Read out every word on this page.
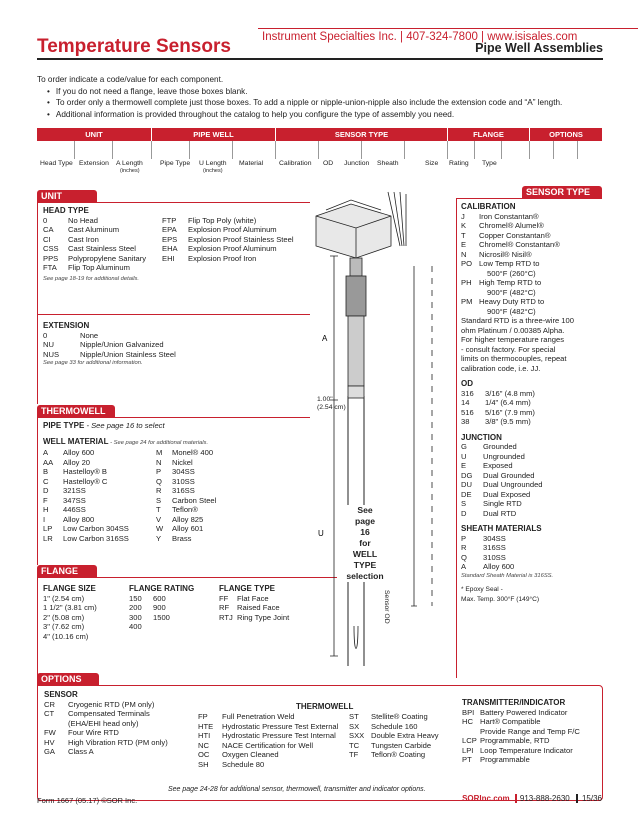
Instrument Specialties Inc. | 407-324-7800 | www.isisales.com
Temperature Sensors	Pipe Well Assemblies
To order indicate a code/value for each component.
• If you do not need a flange, leave those boxes blank.
• To order only a thermowell complete just those boxes. To add a nipple or nipple-union-nipple also include the extension code and “A” length.
• Additional information is provided throughout the catalog to help you configure the type of assembly you need.
UNIT	PIPE WELL	SENSOR TYPE	FLANGE	OPTIONS
Head Type Extension A Length
(inches)
Pipe Type U Length
(inches)
Material Calibration OD Junction Sheath	Size Rating Type
UNIT
HEAD TYPE
0	No Head
CA Cast Aluminum
CI Cast Iron
CSS Cast Stainless Steel
PPS Polypropylene Sanitary
FTA Flip Top Aluminum
FTP Flip Top Poly (white)
EPA Explosion Proof Aluminum
EPS Explosion Proof Stainless Steel
EHA Explosion Proof Aluminum
EHI Explosion Proof Iron
See page 18-19 for additional details.
EXTENSION
0	None
NU	Nipple/Union Galvanized
NUS	Nipple/Union Stainless Steel
See page 33 for additional information.
THERMOWELL
PIPE TYPE - See page 16 to select
WELL MATERIAL - See page 24 for additional materials.
A Alloy 600
AA Alloy 20
B Hastelloy® B
C Hastelloy® C
D 321SS
F 347SS
H 446SS
I Alloy 800
LP Low Carbon 304SS
LR Low Carbon 316SS
M Monel® 400
N Nickel
P 304SS
Q 310SS
R 316SS
S Carbon Steel
T Teflon®
V Alloy 825
W Alloy 601
Y Brass
FLANGE
FLANGE SIZE
1" (2.54 cm)
1 1/2" (3.81 cm)
2" (5.08 cm)
3" (7.62 cm)
4" (10.16 cm)
FLANGE RATING
150 600
200 900
300 1500
400
FLANGE TYPE
FF Flat Face
RF Raised Face
RTJ Ring Type Joint
A
U
1.00"
(2.54 cm)
See
page
16
for
WELL
TYPE
selection
Sensor OD
SENSOR TYPE
CALIBRATION
J Iron Constantan®
K Chromel® Alumel®
T Copper Constantan®
E Chromel® Constantan®
N Nicrosil® Nisil®
PO Low Temp RTD to
500°F (260°C)
PH High Temp RTD to
900°F (482°C)
PM Heavy Duty RTD to
900°F (482°C)
Standard RTD is a three-wire 100
ohm Platinum / 0.00385 Alpha.
For higher temperature ranges
- consult factory. For special
limits on thermocouples, repeat
calibration code, i.e. JJ.
OD
316 3/16" (4.8 mm)
14 1/4" (6.4 mm)
516 5/16" (7.9 mm)
38 3/8" (9.5 mm)
JUNCTION
G Grounded
U Ungrounded
E Exposed
DG Dual Grounded
DU Dual Ungrounded
DE Dual Exposed
S Single RTD
D Dual RTD
SHEATH MATERIALS
P 304SS
R 316SS
Q 310SS
A Alloy 600
Standard Sheath Material is 316SS.
* Epoxy Seal -
Max. Temp. 300°F (149°C)
OPTIONS
SENSOR
CR Cryogenic RTD (PM only)
CT Compensated Terminals
(EHA/EHI head only)
FW Four Wire RTD
HV High Vibration RTD (PM only)
GA Class A
THERMOWELL
FP Full Penetration Weld
HTE Hydrostatic Pressure Test External
HTI Hydrostatic Pressure Test Internal
NC NACE Certification for Well
OC Oxygen Cleaned
SH Schedule 80
ST Stellite® Coating
SX Schedule 160
SXX Double Extra Heavy
TC Tungsten Carbide
TF Teflon® Coating
TRANSMITTER/INDICATOR
BPI Battery Powered Indicator
HC Hart® Compatible
Provide Range and Temp F/C
LCP Programmable, RTD
LPI Loop Temperature Indicator
PT Programmable
See page 24-28 for additional sensor, thermowell, transmitter and indicator options.
Form 1667 (05.17) ©SOR Inc.	SORInc.com 913-888-2630 15/36
